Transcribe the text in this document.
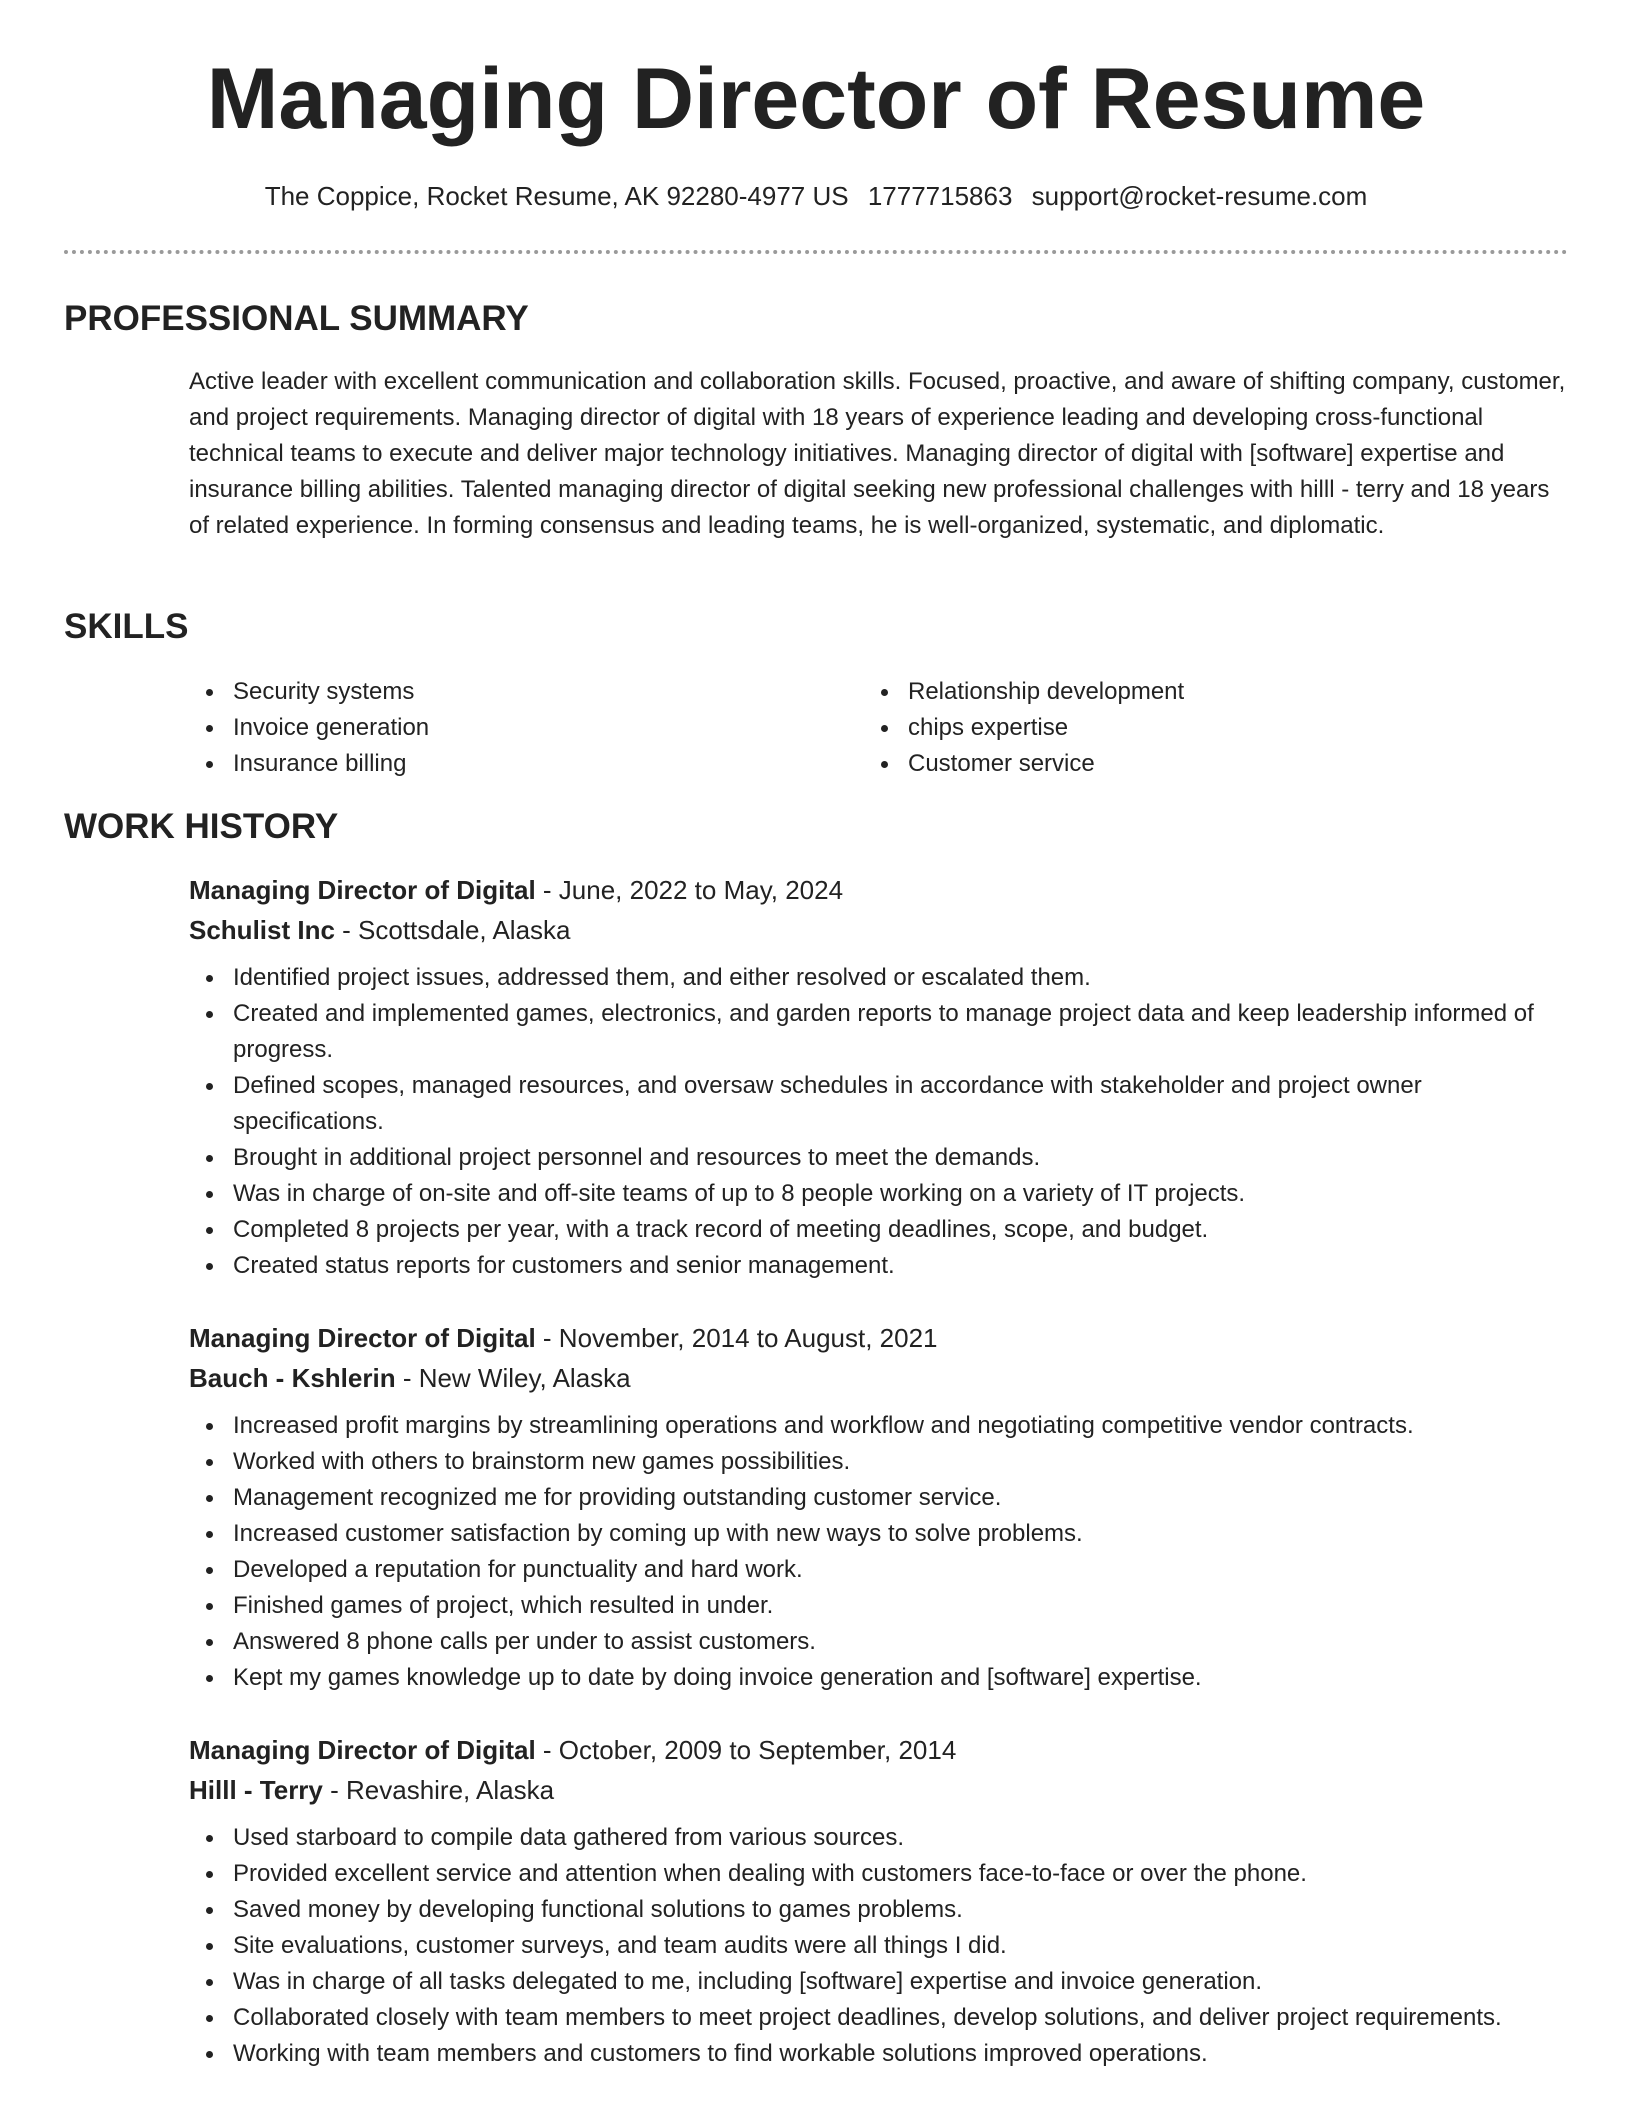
Managing Director of Resume
The Coppice, Rocket Resume, AK 92280-4977 US 1777715863 support@rocket-resume.com
PROFESSIONAL SUMMARY

Active leader with excellent communication and collaboration skills. Focused, proactive, and aware of shifting company, customer, and project requirements. Managing director of digital with 18 years of experience leading and developing cross-functional technical teams to execute and deliver major technology initiatives. Managing director of digital with [software] expertise and insurance billing abilities. Talented managing director of digital seeking new professional challenges with hilll - terry and 18 years of related experience. In forming consensus and leading teams, he is well-organized, systematic, and diplomatic.

SKILLS
Security systems
Invoice generation
Insurance billing
Relationship development
chips expertise
Customer service
WORK HISTORY
Managing Director of Digital - June, 2022 to May, 2024
Schulist Inc - Scottsdale, Alaska
Identified project issues, addressed them, and either resolved or escalated them.
Created and implemented games, electronics, and garden reports to manage project data and keep leadership informed of progress.
Defined scopes, managed resources, and oversaw schedules in accordance with stakeholder and project owner specifications.
Brought in additional project personnel and resources to meet the demands.
Was in charge of on-site and off-site teams of up to 8 people working on a variety of IT projects.
Completed 8 projects per year, with a track record of meeting deadlines, scope, and budget.
Created status reports for customers and senior management.
Managing Director of Digital - November, 2014 to August, 2021
Bauch - Kshlerin - New Wiley, Alaska
Increased profit margins by streamlining operations and workflow and negotiating competitive vendor contracts.
Worked with others to brainstorm new games possibilities.
Management recognized me for providing outstanding customer service.
Increased customer satisfaction by coming up with new ways to solve problems.
Developed a reputation for punctuality and hard work.
Finished games of project, which resulted in under.
Answered 8 phone calls per under to assist customers.
Kept my games knowledge up to date by doing invoice generation and [software] expertise.
Managing Director of Digital - October, 2009 to September, 2014
Hilll - Terry - Revashire, Alaska
Used starboard to compile data gathered from various sources.
Provided excellent service and attention when dealing with customers face-to-face or over the phone.
Saved money by developing functional solutions to games problems.
Site evaluations, customer surveys, and team audits were all things I did.
Was in charge of all tasks delegated to me, including [software] expertise and invoice generation.
Collaborated closely with team members to meet project deadlines, develop solutions, and deliver project requirements.
Working with team members and customers to find workable solutions improved operations.
